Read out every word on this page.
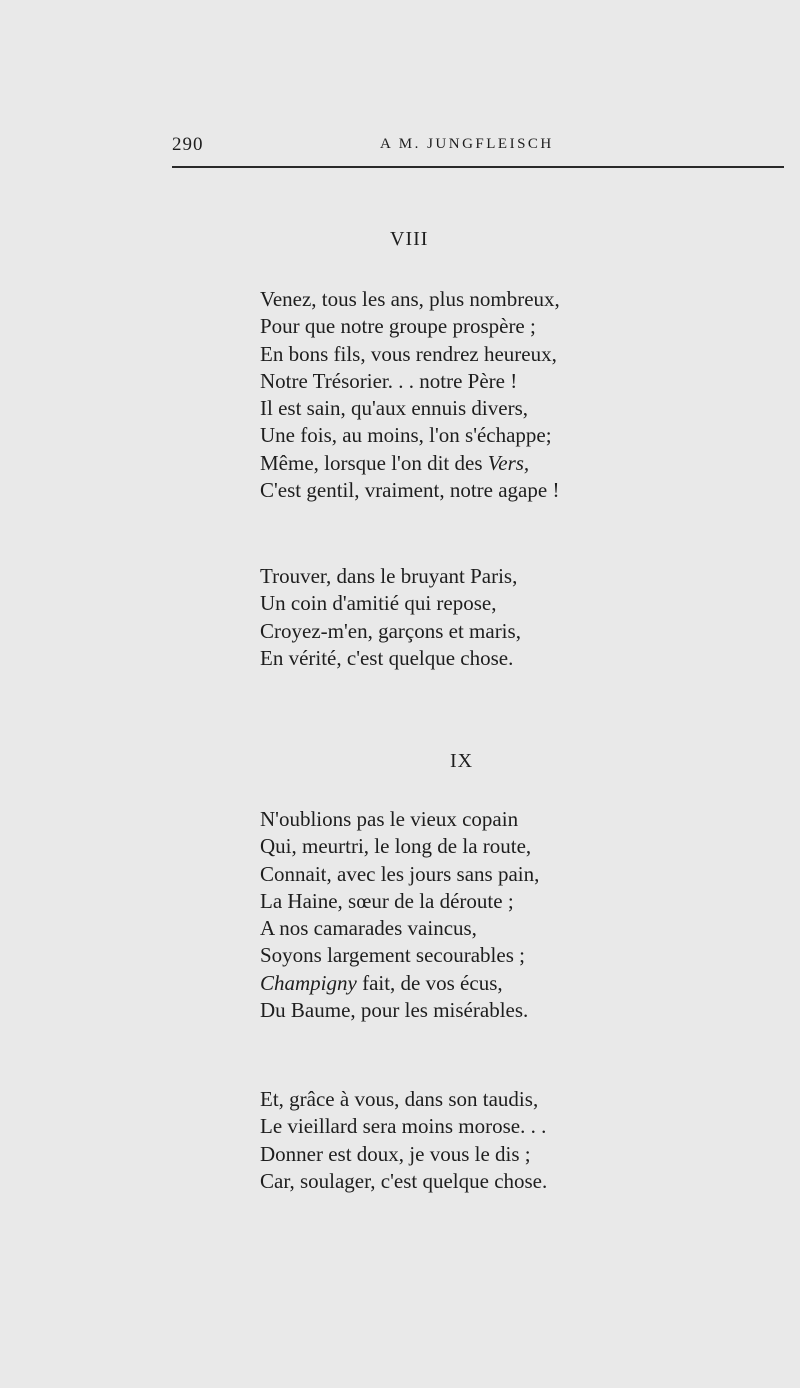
290	A M. JUNGFLEISCH
VIII
Venez, tous les ans, plus nombreux,
Pour que notre groupe prospère ;
En bons fils, vous rendrez heureux,
Notre Trésorier. . . notre Père !
Il est sain, qu'aux ennuis divers,
Une fois, au moins, l'on s'échappe;
Même, lorsque l'on dit des Vers,
C'est gentil, vraiment, notre agape !
Trouver, dans le bruyant Paris,
Un coin d'amitié qui repose,
Croyez-m'en, garçons et maris,
En vérité, c'est quelque chose.
IX
N'oublions pas le vieux copain
Qui, meurtri, le long de la route,
Connait, avec les jours sans pain,
La Haine, sœur de la déroute ;
A nos camarades vaincus,
Soyons largement secourables ;
Champigny fait, de vos écus,
Du Baume, pour les misérables.
Et, grâce à vous, dans son taudis,
Le vieillard sera moins morose. . .
Donner est doux, je vous le dis ;
Car, soulager, c'est quelque chose.
